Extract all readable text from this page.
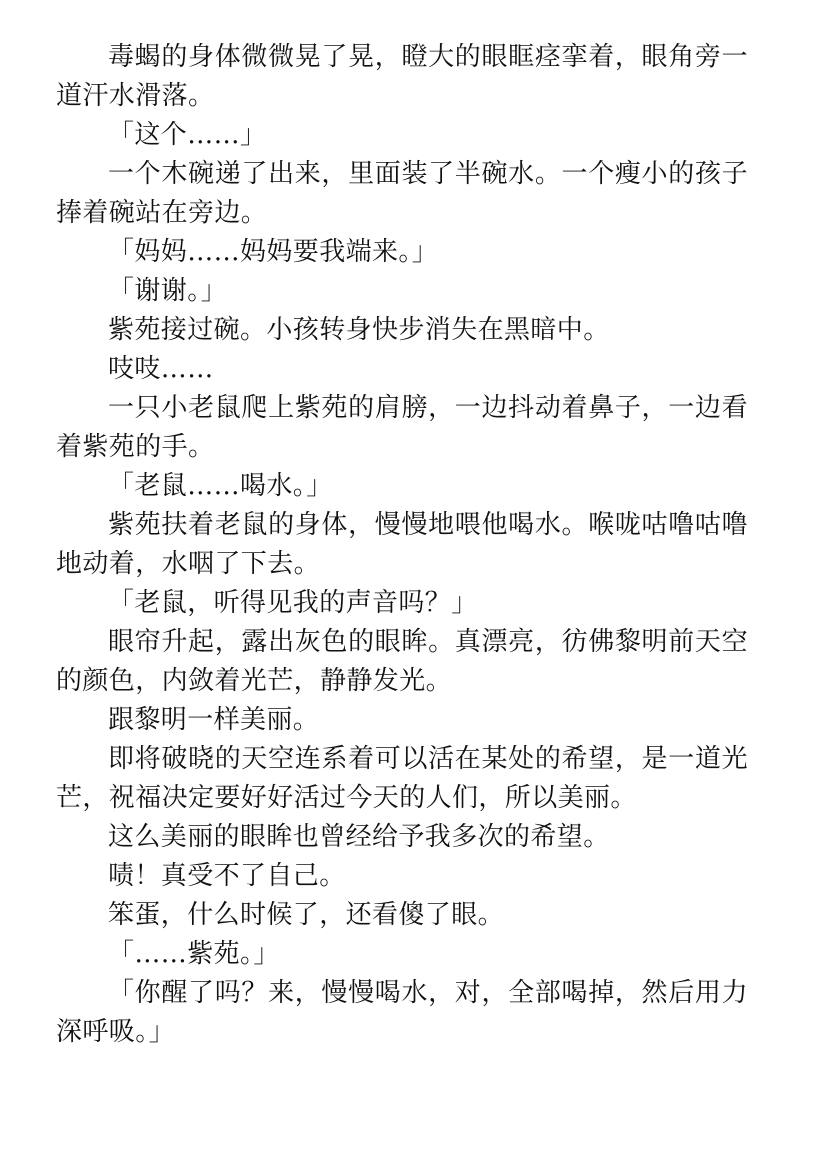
毒蝎的身体微微晃了晃，瞪大的眼眶痉挛着，眼角旁一道汗水滑落。

「这个……」

一个木碗递了出来，里面装了半碗水。一个瘦小的孩子捧着碗站在旁边。

「妈妈……妈妈要我端来。」

「谢谢。」

紫苑接过碗。小孩转身快步消失在黑暗中。

吱吱……

一只小老鼠爬上紫苑的肩膀，一边抖动着鼻子，一边看着紫苑的手。

「老鼠……喝水。」

紫苑扶着老鼠的身体，慢慢地喂他喝水。喉咙咕噜咕噜地动着，水咽了下去。

「老鼠，听得见我的声音吗？」

眼帘升起，露出灰色的眼眸。真漂亮，彷佛黎明前天空的颜色，内敛着光芒，静静发光。

跟黎明一样美丽。

即将破晓的天空连系着可以活在某处的希望，是一道光芒，祝福决定要好好活过今天的人们，所以美丽。

这么美丽的眼眸也曾经给予我多次的希望。

啧！真受不了自己。

笨蛋，什么时候了，还看傻了眼。

「……紫苑。」

「你醒了吗？来，慢慢喝水，对，全部喝掉，然后用力深呼吸。」
